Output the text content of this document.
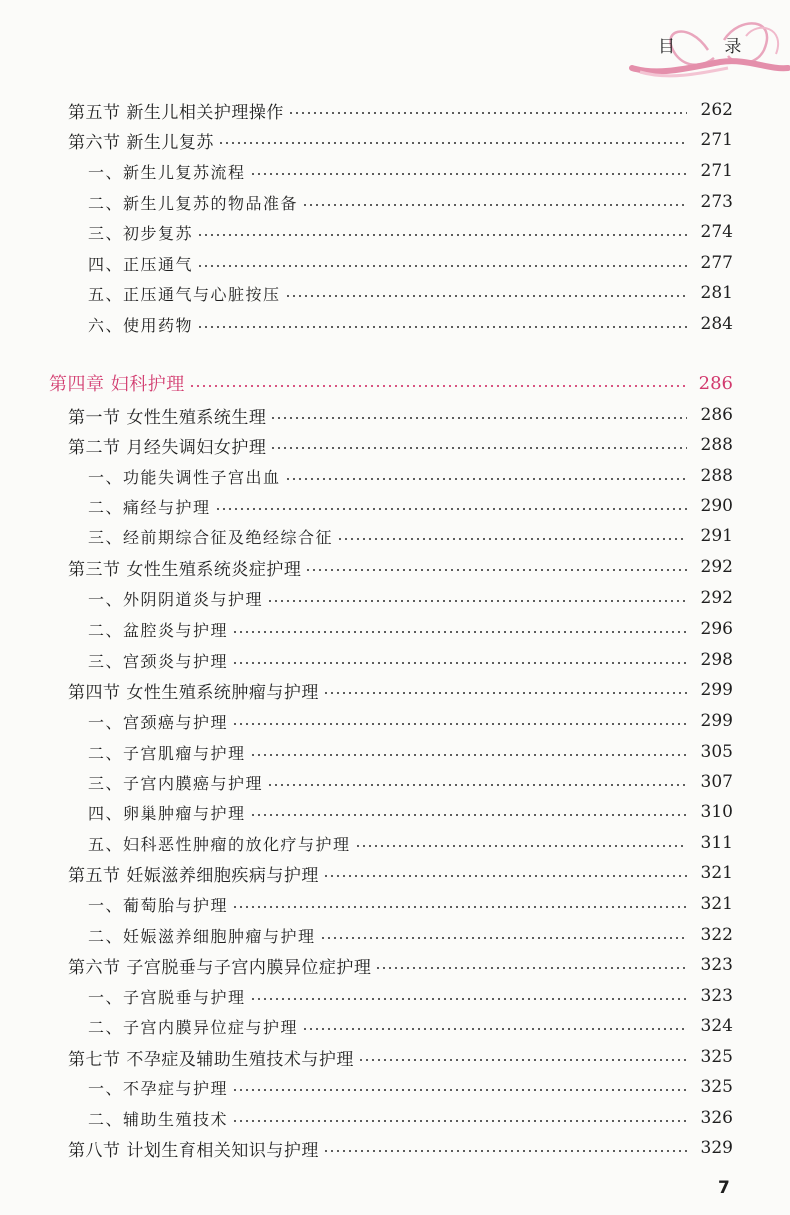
目 录
第五节 新生儿相关护理操作	262
第六节 新生儿复苏	271
一、新生儿复苏流程	271
二、新生儿复苏的物品准备	273
三、初步复苏	274
四、正压通气	277
五、正压通气与心脏按压	281
六、使用药物	284
第四章 妇科护理	286
第一节 女性生殖系统生理	286
第二节 月经失调妇女护理	288
一、功能失调性子宫出血	288
二、痛经与护理	290
三、经前期综合征及绝经综合征	291
第三节 女性生殖系统炎症护理	292
一、外阴阴道炎与护理	292
二、盆腔炎与护理	296
三、宫颈炎与护理	298
第四节 女性生殖系统肿瘤与护理	299
一、宫颈癌与护理	299
二、子宫肌瘤与护理	305
三、子宫内膜癌与护理	307
四、卵巢肿瘤与护理	310
五、妇科恶性肿瘤的放化疗与护理	311
第五节 妊娠滋养细胞疾病与护理	321
一、葡萄胎与护理	321
二、妊娠滋养细胞肿瘤与护理	322
第六节 子宫脱垂与子宫内膜异位症护理	323
一、子宫脱垂与护理	323
二、子宫内膜异位症与护理	324
第七节 不孕症及辅助生殖技术与护理	325
一、不孕症与护理	325
二、辅助生殖技术	326
第八节 计划生育相关知识与护理	329
7
